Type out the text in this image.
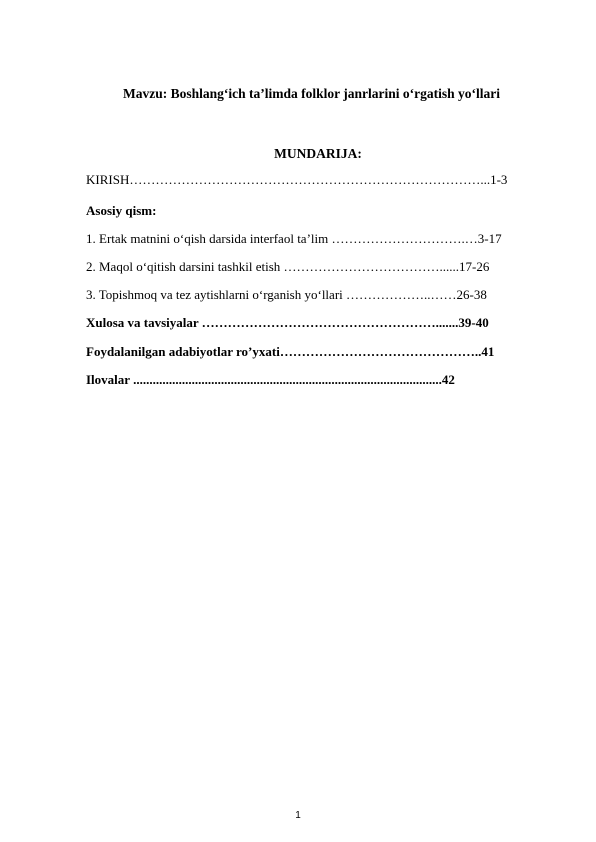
Mavzu: Boshlang‘ich ta’limda folklor janrlarini o‘rgatish yo‘llari
MUNDARIJA:
KIRISH………………………………………………………………………...1-3
Asosiy qism:
1. Ertak matnini o‘qish darsida interfaol ta’lim ………………………….…3-17
2. Maqol o‘qitish darsini tashkil etish ………………………………......17-26
3. Topishmoq va tez aytishlarni o‘rganish yo‘llari ………………..……26-38
Xulosa va tavsiyalar ……………………………………………….......39-40
Foydalanilgan adabiyotlar ro’yxati………………………………………..41
Ilovalar ...............................................................................................42
1
